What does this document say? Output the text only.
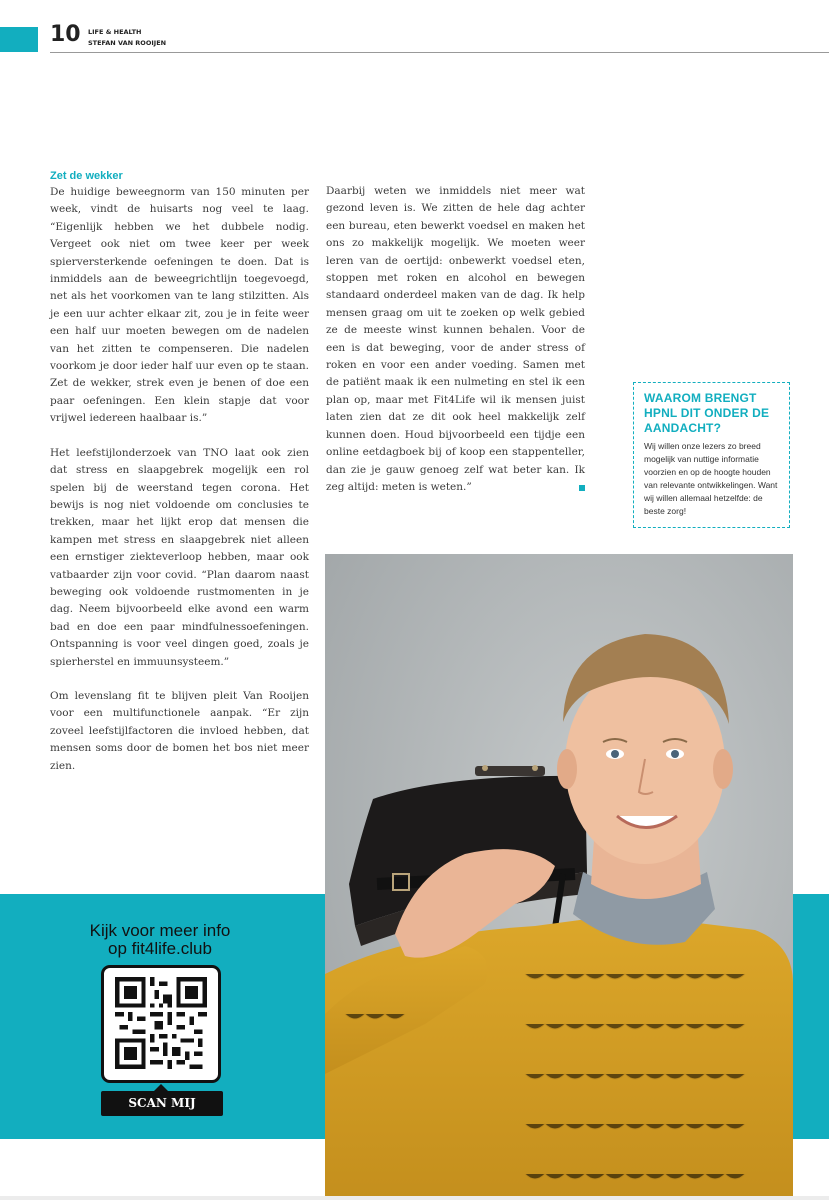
10 LIFE & HEALTH
STEFAN VAN ROOIJEN
Zet de wekker

De huidige beweegnorm van 150 minuten per week, vindt de huisarts nog veel te laag. “Eigenlijk hebben we het dubbele nodig. Vergeet ook niet om twee keer per week spierversterkende oefeningen te doen. Dat is inmiddels aan de beweegrichtlijn toegevoegd, net als het voorkomen van te lang stilzitten. Als je een uur achter elkaar zit, zou je in feite weer een half uur moeten bewegen om de nadelen van het zitten te compenseren. Die nadelen voorkom je door ieder half uur even op te staan. Zet de wekker, strek even je benen of doe een paar oefeningen. Een klein stapje dat voor vrijwel iedereen haalbaar is.”

Het leefstijlonderzoek van TNO laat ook zien dat stress en slaapgebrek mogelijk een rol spelen bij de weerstand tegen corona. Het bewijs is nog niet voldoende om conclusies te trekken, maar het lijkt erop dat mensen die kampen met stress en slaapgebrek niet alleen een ernstiger ziekteverloop hebben, maar ook vatbaarder zijn voor covid. “Plan daarom naast beweging ook voldoende rustmomenten in je dag. Neem bijvoorbeeld elke avond een warm bad en doe een paar mindfulnessoefeningen. Ontspanning is voor veel dingen goed, zoals je spierherstel en immuunsysteem.”

Om levenslang fit te blijven pleit Van Rooijen voor een multifunctionele aanpak. “Er zijn zoveel leefstijlfactoren die invloed hebben, dat mensen soms door de bomen het bos niet meer zien.

Daarbij weten we inmiddels niet meer wat gezond leven is. We zitten de hele dag achter een bureau, eten bewerkt voedsel en maken het ons zo makkelijk mogelijk. We moeten weer leren van de oertijd: onbewerkt voedsel eten, stoppen met roken en alcohol en bewegen standaard onderdeel maken van de dag. Ik help mensen graag om uit te zoeken op welk gebied ze de meeste winst kunnen behalen. Voor de een is dat beweging, voor de ander stress of roken en voor een ander voeding. Samen met de patiënt maak ik een nulmeting en stel ik een plan op, maar met Fit4Life wil ik mensen juist laten zien dat ze dit ook heel makkelijk zelf kunnen doen. Houd bijvoorbeeld een tijdje een online eetdagboek bij of koop een stappenteller, dan zie je gauw genoeg zelf wat beter kan. Ik zeg altijd: meten is weten.”

WAAROM BRENGT HPNL DIT ONDER DE AANDACHT?

Wij willen onze lezers zo breed mogelijk van nuttige informatie voorzien en op de hoogte houden van relevante ontwikkelingen. Want wij willen allemaal hetzelfde: de beste zorg!

Kijk voor meer info
op fit4life.club
SCAN MIJ
